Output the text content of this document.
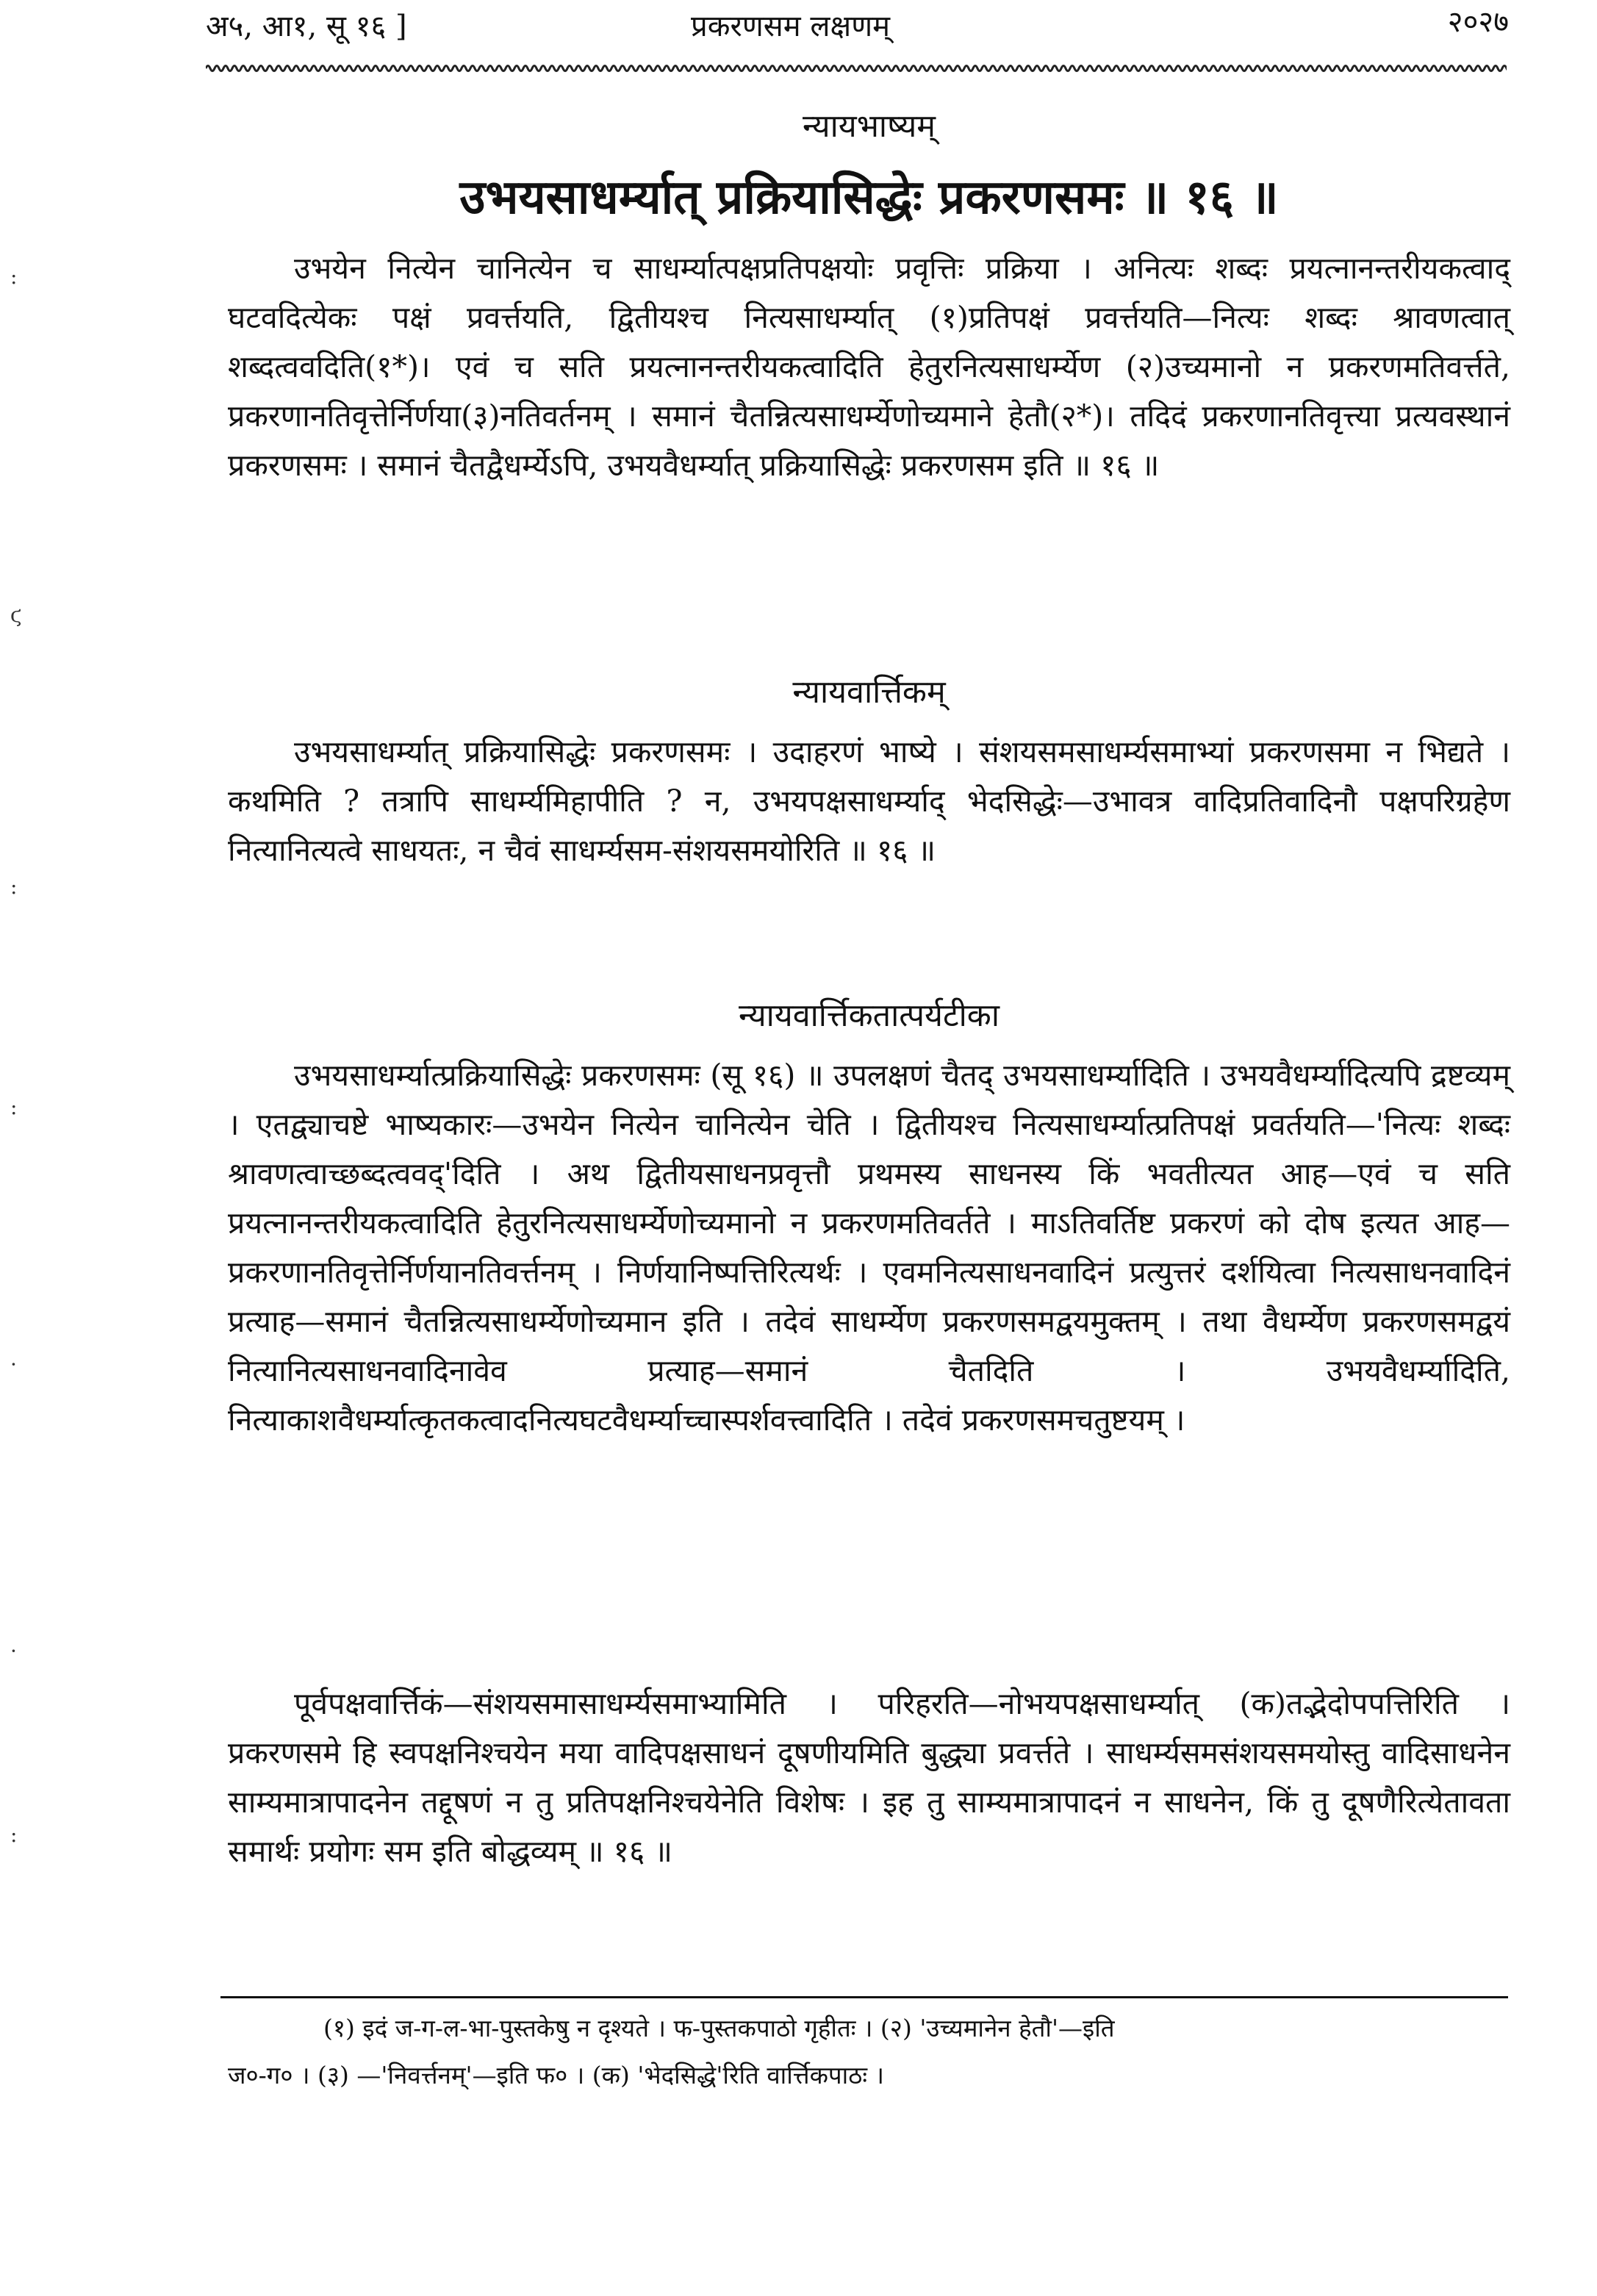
अ५, आ१, सू १६ ]	प्रकरणसम लक्षणम्	२०२७
न्यायभाष्यम्
उभयसाधर्म्यात् प्रक्रियासिद्धेः प्रकरणसमः ॥ १६ ॥
उभयेन नित्येन चानित्येन च साधर्म्यात्पक्षप्रतिपक्षयोः प्रवृत्तिः प्रक्रिया । अनित्यः शब्दः प्रयत्नानन्तरीयकत्वाद् घटवदित्येकः पक्षं प्रवर्त्तयति, द्वितीयश्च नित्यसाधर्म्यात् (१)प्रतिपक्षं प्रवर्त्तयति—नित्यः शब्दः श्रावणत्वात् शब्दत्ववदिति(१*)। एवं च सति प्रयत्नानन्तरीयकत्वादिति हेतुरनित्यसाधर्म्येण (२)उच्यमानो न प्रकरणमतिवर्त्तते, प्रकरणानतिवृत्तेर्निर्णया(३)नतिवर्तनम् । समानं चैतन्नित्यसाधर्म्येणोच्यमाने हेतौ(२*)। तदिदं प्रकरणानतिवृत्त्या प्रत्यवस्थानं प्रकरणसमः । समानं चैतद्वैधर्म्येऽपि, उभयवैधर्म्यात् प्रक्रियासिद्धेः प्रकरणसम इति ॥ १६ ॥
न्यायवार्त्तिकम्
उभयसाधर्म्यात् प्रक्रियासिद्धेः प्रकरणसमः । उदाहरणं भाष्ये । संशयसमसाधर्म्यसमाभ्यां प्रकरणसमा न भिद्यते । कथमिति ? तत्रापि साधर्म्यमिहापीति ? न, उभयपक्षसाधर्म्याद् भेदसिद्धेः—उभावत्र वादिप्रतिवादिनौ पक्षपरिग्रहेण नित्यानित्यत्वे साधयतः, न चैवं साधर्म्यसम-संशयसमयोरिति ॥ १६ ॥
न्यायवार्त्तिकतात्पर्यटीका
उभयसाधर्म्यात्प्रक्रियासिद्धेः प्रकरणसमः (सू १६) ॥ उपलक्षणं चैतद् उभयसाधर्म्यादिति । उभयवैधर्म्यादित्यपि द्रष्टव्यम् । एतद्व्याचष्टे भाष्यकारः—उभयेन नित्येन चानित्येन चेति । द्वितीयश्च नित्यसाधर्म्यात्प्रतिपक्षं प्रवर्तयति—'नित्यः शब्दः श्रावणत्वाच्छब्दत्ववद्'दिति । अथ द्वितीयसाधनप्रवृत्तौ प्रथमस्य साधनस्य किं भवतीत्यत आह—एवं च सति प्रयत्नानन्तरीयकत्वादिति हेतुरनित्यसाधर्म्येणोच्यमानो न प्रकरणमतिवर्तते । माऽतिवर्तिष्ट प्रकरणं को दोष इत्यत आह—प्रकरणानतिवृत्तेर्निर्णयानतिवर्त्तनम् । निर्णयानिष्पत्तिरित्यर्थः । एवमनित्यसाधनवादिनं प्रत्युत्तरं दर्शयित्वा नित्यसाधनवादिनं प्रत्याह—समानं चैतन्नित्यसाधर्म्येणोच्यमान इति । तदेवं साधर्म्येण प्रकरणसमद्वयमुक्तम् । तथा वैधर्म्येण प्रकरणसमद्वयं नित्यानित्यसाधनवादिनावेव प्रत्याह—समानं चैतदिति । उभयवैधर्म्यादिति, नित्याकाशवैधर्म्यात्कृतकत्वादनित्यघटवैधर्म्याच्चास्पर्शवत्त्वादिति । तदेवं प्रकरणसमचतुष्टयम् ।
पूर्वपक्षवार्त्तिकं—संशयसमासाधर्म्यसमाभ्यामिति । परिहरति—नोभयपक्षसाधर्म्यात् (क)तद्भेदोपपत्तिरिति । प्रकरणसमे हि स्वपक्षनिश्चयेन मया वादिपक्षसाधनं दूषणीयमिति बुद्ध्या प्रवर्त्तते । साधर्म्यसमसंशयसमयोस्तु वादिसाधनेन साम्यमात्रापादनेन तद्दूषणं न तु प्रतिपक्षनिश्चयेनेति विशेषः । इह तु साम्यमात्रापादनं न साधनेन, किं तु दूषणैरित्येतावता समार्थः प्रयोगः सम इति बोद्धव्यम् ॥ १६ ॥
(१) इदं ज-ग-ल-भा-पुस्तकेषु न दृश्यते । फ-पुस्तकपाठो गृहीतः । (२) 'उच्यमानेन हेतौ'—इति
ज०-ग० । (३) —'निवर्त्तनम्'—इति फ० । (क) 'भेदसिद्धे'रिति वार्त्तिकपाठः ।
:
ϛ
:
:
·
·
:
